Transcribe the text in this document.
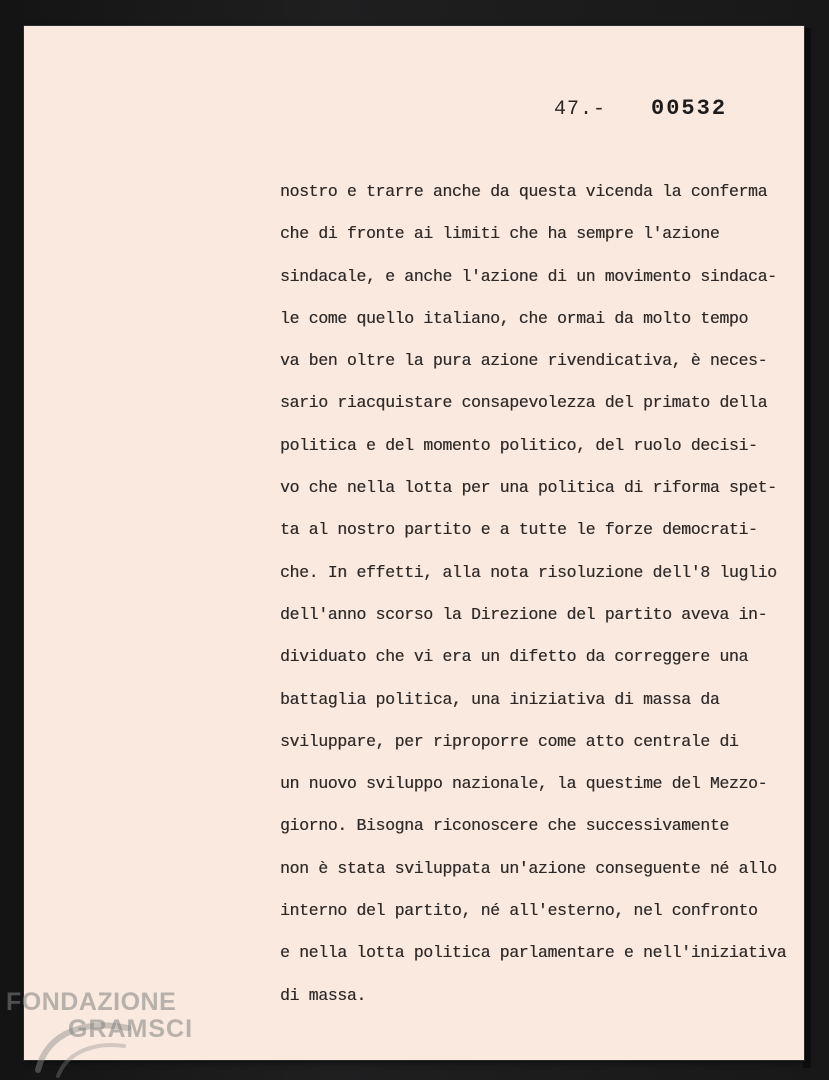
47.- 00532
nostro e trarre anche da questa vicenda la conferma
che di fronte ai limiti che ha sempre l'azione
sindacale, e anche l'azione di un movimento sindaca-
le come quello italiano, che ormai da molto tempo
va ben oltre la pura azione rivendicativa, è neces-
sario riacquistare consapevolezza del primato della
politica e del momento politico, del ruolo decisi-
vo che nella lotta per una politica di riforma spet-
ta al nostro partito e a tutte le forze democrati-
che. In effetti, alla nota risoluzione dell'8 luglio
dell'anno scorso la Direzione del partito aveva in-
dividuato che vi era un difetto da correggere una
battaglia politica, una iniziativa di massa da
sviluppare, per riproporre come atto centrale di
un nuovo sviluppo nazionale, la questime del Mezzo-
giorno. Bisogna riconoscere che successivamente
non è stata sviluppata un'azione conseguente né allo
interno del partito, né all'esterno, nel confronto
e nella lotta politica parlamentare e nell'iniziativa
di massa.
FONDAZIONE
GRAMSCI
